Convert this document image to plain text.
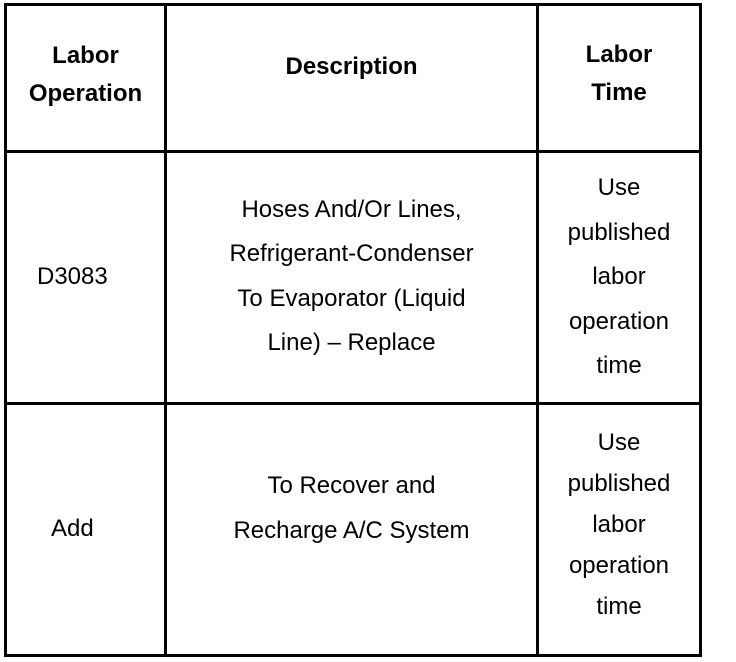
Labor
Operation
Description	Labor
Time
D3083
Hoses And/Or Lines,
Refrigerant-Condenser
To Evaporator (Liquid
Line) – Replace
Use
published
labor
operation
time
Add
To Recover and
Recharge A/C System
Use
published
labor
operation
time
